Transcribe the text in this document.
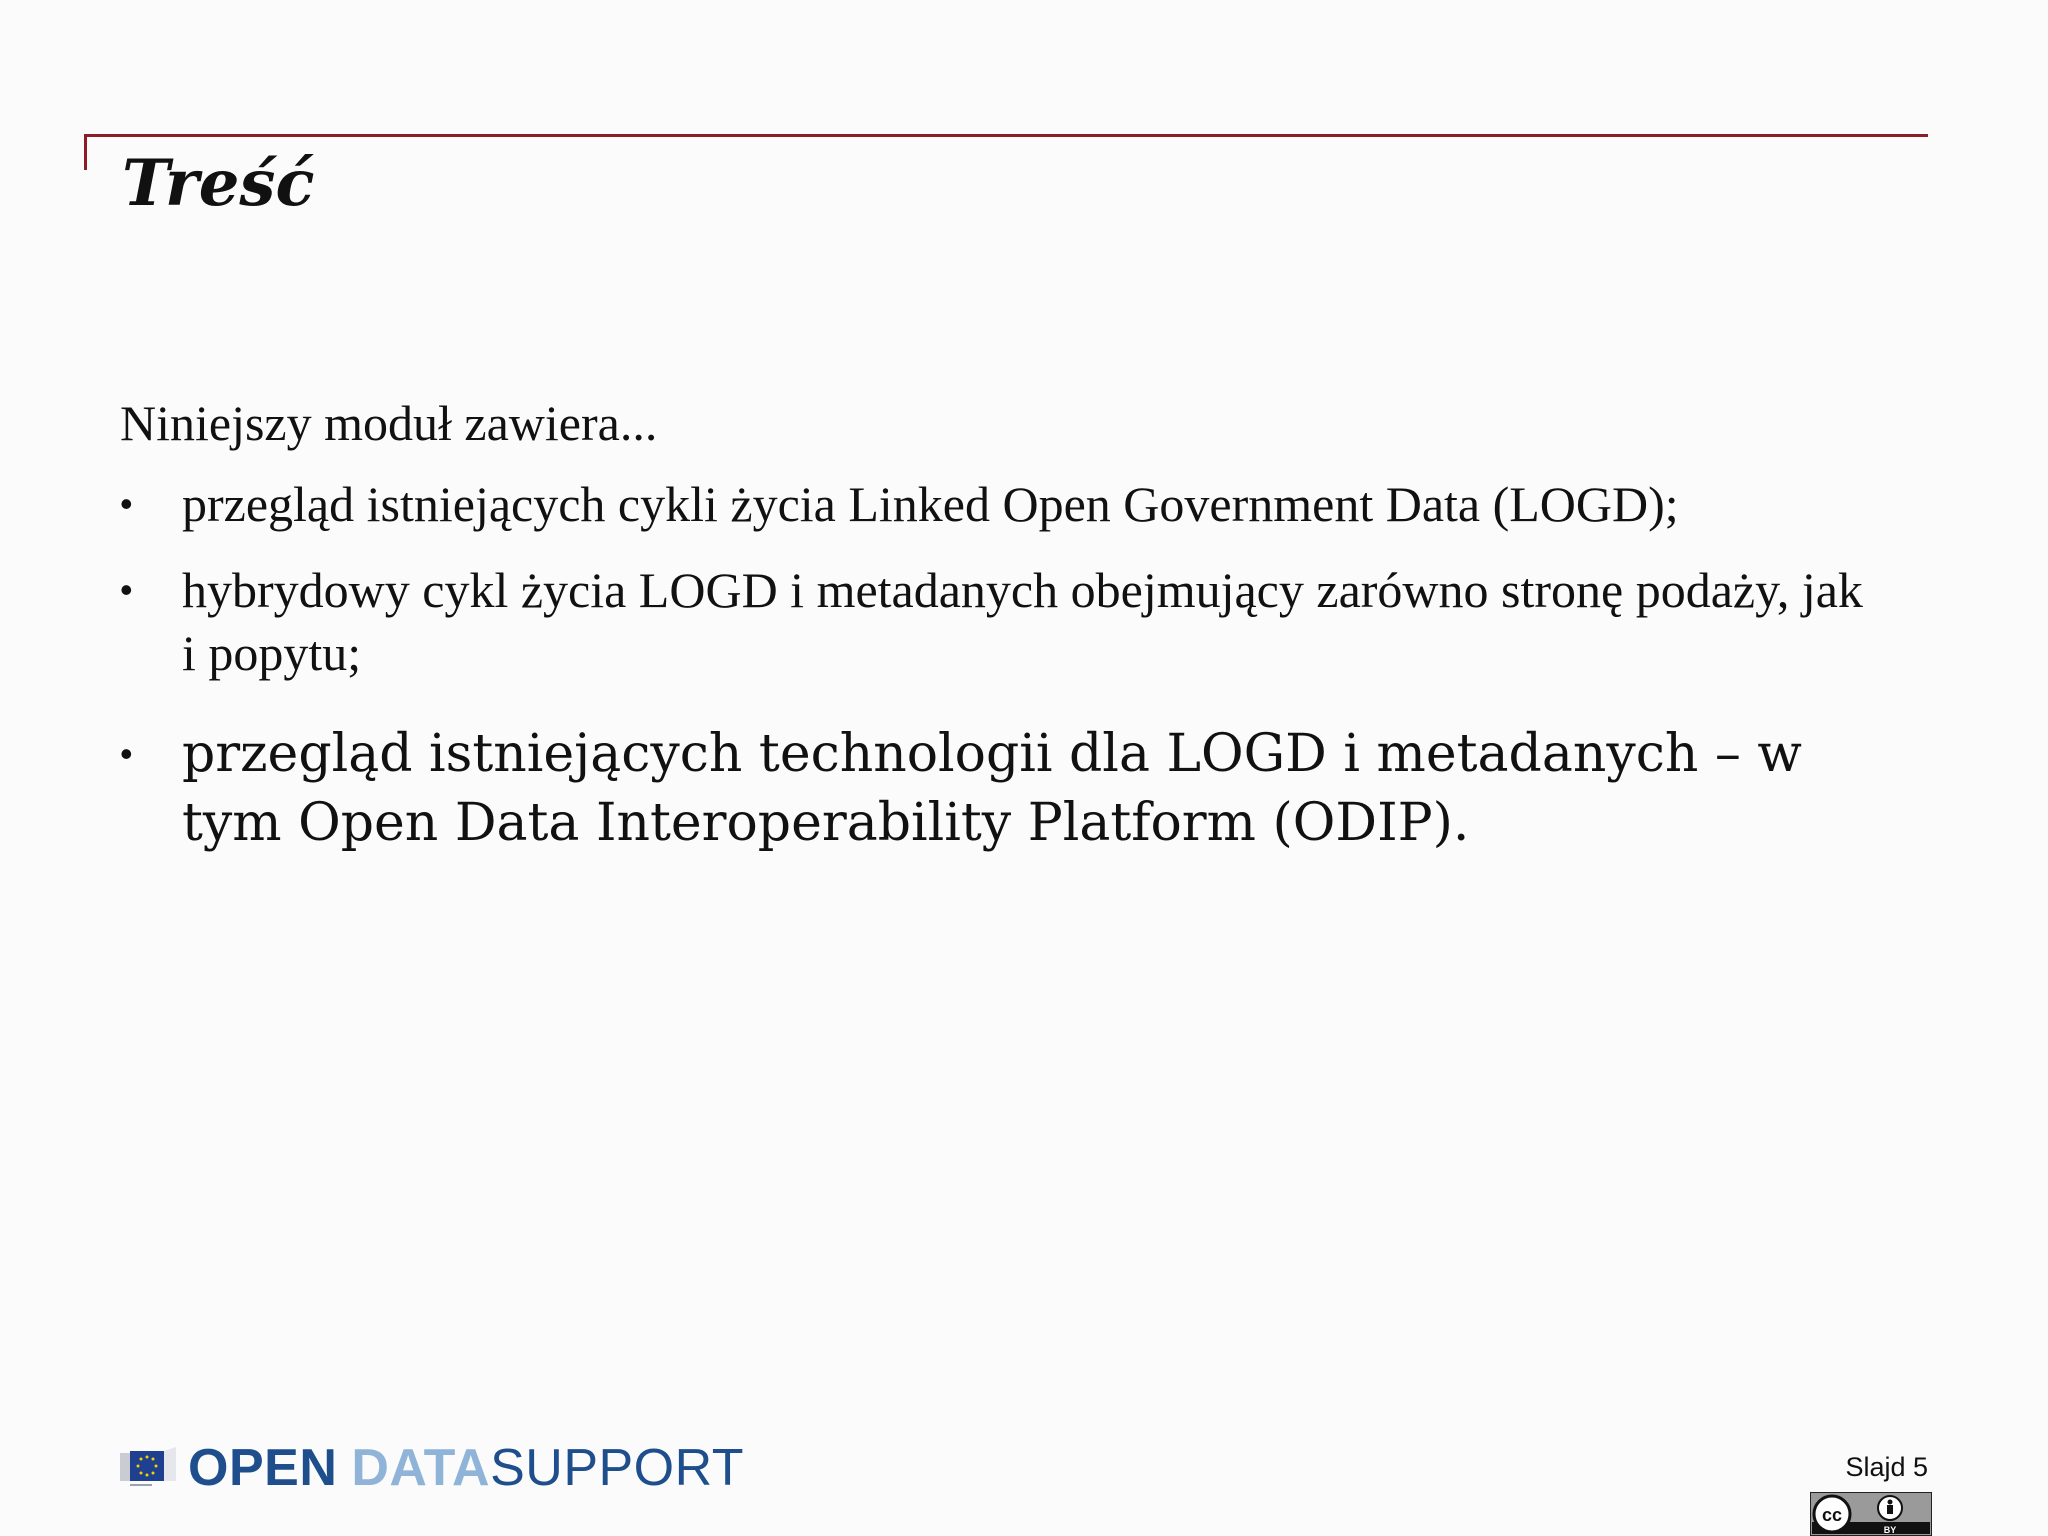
Treść

Niniejszy moduł zawiera...

• przegląd istniejących cykli życia Linked Open Government Data (LOGD);
• hybrydowy cykl życia LOGD i metadanych obejmujący zarówno stronę podaży, jak i popytu;
• przegląd istniejących technologii dla LOGD i metadanych – w tym Open Data Interoperability Platform (ODIP).
OPEN DATASUPPORT	Slajd 5
cc
BY
